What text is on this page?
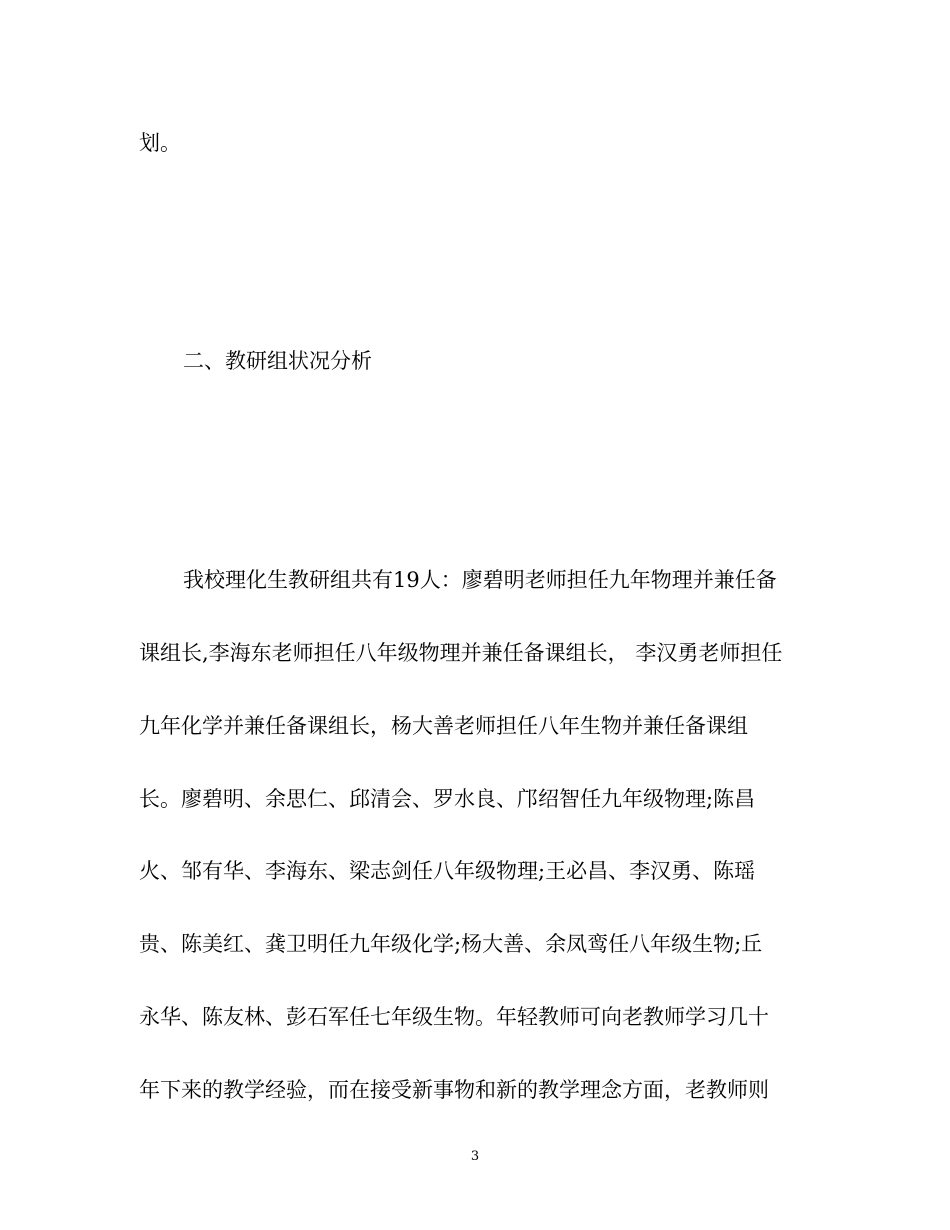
划。
二、教研组状况分析
我校理化生教研组共有19人：廖碧明老师担任九年物理并兼任备
课组长,李海东老师担任八年级物理并兼任备课组长， 李汉勇老师担任
九年化学并兼任备课组长，杨大善老师担任八年生物并兼任备课组
长。廖碧明、余思仁、邱清会、罗水良、邝绍智任九年级物理;陈昌
火、邹有华、李海东、梁志剑任八年级物理;王必昌、李汉勇、陈瑶
贵、陈美红、龚卫明任九年级化学;杨大善、余凤鸾任八年级生物;丘
永华、陈友林、彭石军任七年级生物。年轻教师可向老教师学习几十
年下来的教学经验，而在接受新事物和新的教学理念方面，老教师则
3
